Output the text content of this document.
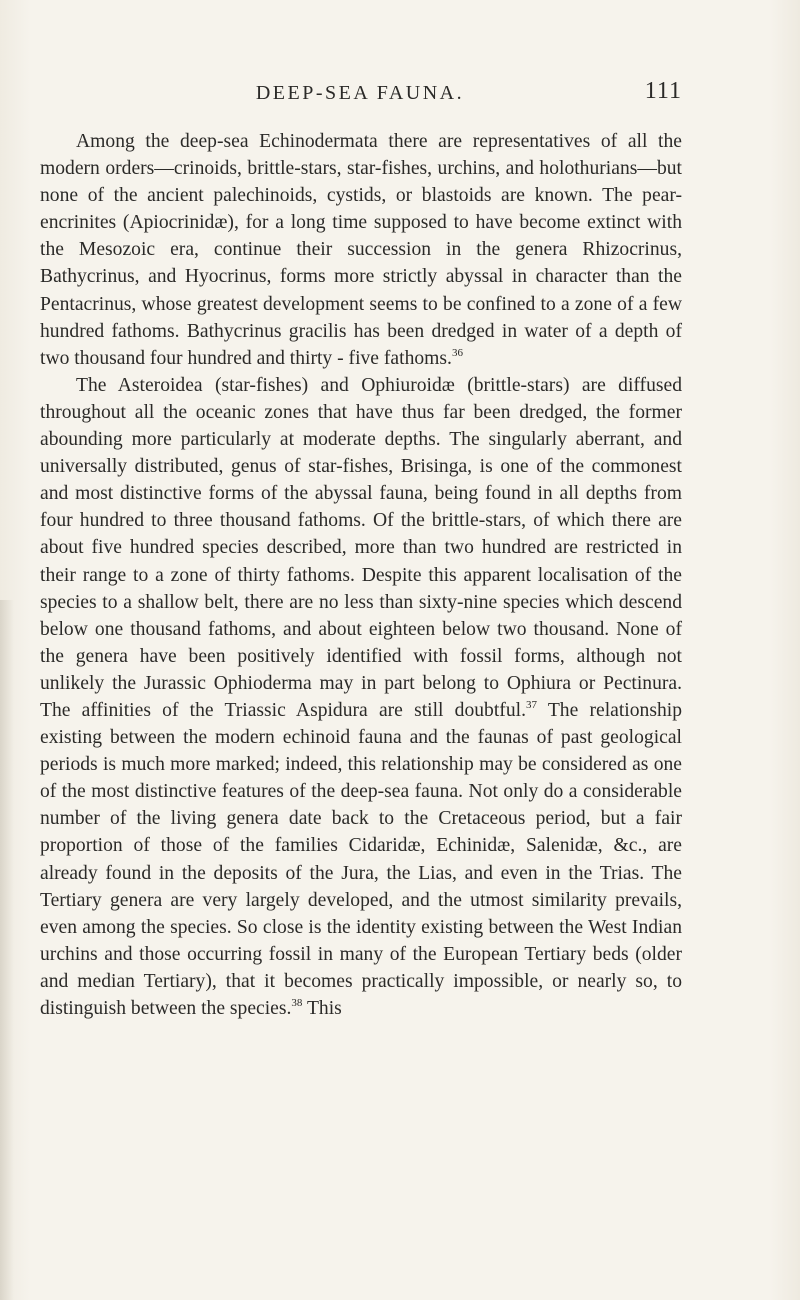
DEEP-SEA FAUNA.	111

Among the deep-sea Echinodermata there are representatives of all the modern orders—crinoids, brittle-stars, star-fishes, urchins, and holothurians—but none of the ancient palechinoids, cystids, or blastoids are known. The pear-encrinites (Apiocrinidæ), for a long time supposed to have become extinct with the Mesozoic era, continue their succession in the genera Rhizocrinus, Bathycrinus, and Hyocrinus, forms more strictly abyssal in character than the Pentacrinus, whose greatest development seems to be confined to a zone of a few hundred fathoms. Bathycrinus gracilis has been dredged in water of a depth of two thousand four hundred and thirty - five fathoms.$^{36}$

The Asteroidea (star-fishes) and Ophiuroidæ (brittle-stars) are diffused throughout all the oceanic zones that have thus far been dredged, the former abounding more particularly at moderate depths. The singularly aberrant, and universally distributed, genus of star-fishes, Brisinga, is one of the commonest and most distinctive forms of the abyssal fauna, being found in all depths from four hundred to three thousand fathoms. Of the brittle-stars, of which there are about five hundred species described, more than two hundred are restricted in their range to a zone of thirty fathoms. Despite this apparent localisation of the species to a shallow belt, there are no less than sixty-nine species which descend below one thousand fathoms, and about eighteen below two thousand. None of the genera have been positively identified with fossil forms, although not unlikely the Jurassic Ophioderma may in part belong to Ophiura or Pectinura. The affinities of the Triassic Aspidura are still doubtful.$^{37}$ The relationship existing between the modern echinoid fauna and the faunas of past geological periods is much more marked; indeed, this relationship may be considered as one of the most distinctive features of the deep-sea fauna. Not only do a considerable number of the living genera date back to the Cretaceous period, but a fair proportion of those of the families Cidaridæ, Echinidæ, Salenidæ, &c., are already found in the deposits of the Jura, the Lias, and even in the Trias. The Tertiary genera are very largely developed, and the utmost similarity prevails, even among the species. So close is the identity existing between the West Indian urchins and those occurring fossil in many of the European Tertiary beds (older and median Tertiary), that it becomes practically impossible, or nearly so, to distinguish between the species.$^{38}$ This
